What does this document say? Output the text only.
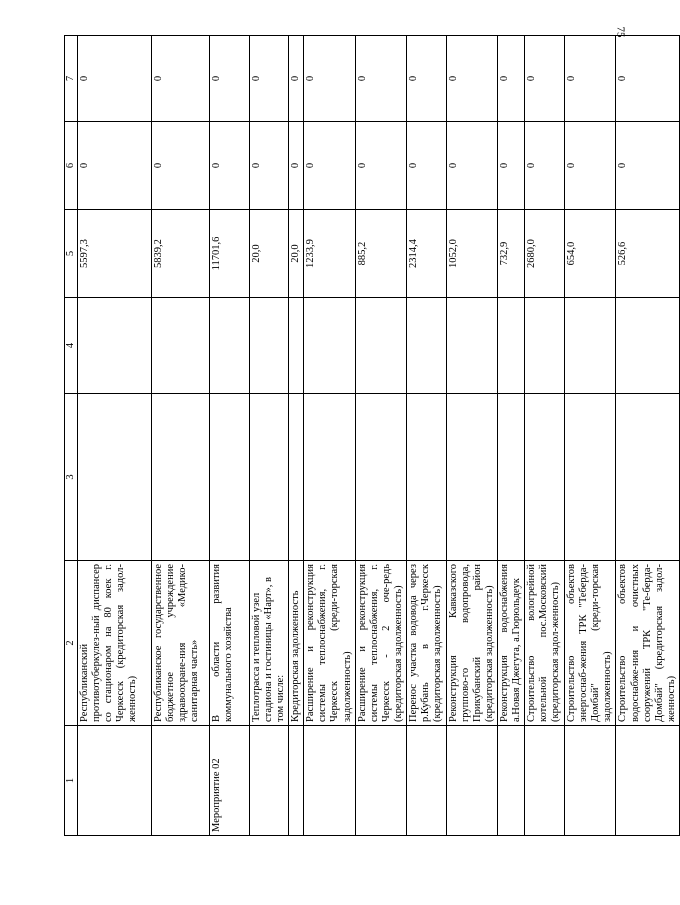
75
1	2	3	4	5	6	7
	Республиканский противотуберкулез-ный диспансер со стационаром на 80 коек г. Черкесск (кредиторская задол-женность)			5597,3	0	0
	Республиканское государственное бюджетное учреждение здравоохране-ния «Медико-санитарная часть»			5839,2	0	0
Мероприятие 02	В области развития коммунального хозяйства			11701,6	0	0
	Теплотрасса и тепловой узел стадиона и гостиницы «Нарт», в том числе:			20,0	0	0
	Кредиторская задолженность			20,0	0	0
	Расширение и реконструкция системы теплоснабжения, г. Черкесск (креди-торская задолженность)			1233,9	0	0
	Расширение и реконструкция системы теплоснабжения, г. Черкесск - 2 оче-редь (кредиторская задолженность)			885,2	0	0
	Перенос участка водовода через р.Кубань в г.Черкесск (кредиторская задолженность)			2314,4	0	0
	Реконструкция Кавказского группово-го водопровода, Прикубанский район (кредиторская задолженность)			1052,0	0	0
	Реконструкция водоснабжения а.Новая Джегута, а.Гюрюльдеук			732,9	0	0
	Строительство вологрейной котельной пос.Московский (кредиторская задол-женность)			2680,0	0	0
	Строительство объектов энергоснаб-жения ТРК "Теберда-Домбай" (креди-торская задолженность)			654,0	0	0
	Строительство объектов водоснабже-ния и очистных сооружений ТРК "Те-берда-Домбай" (кредиторская задол-женность)			526,6	0	0
